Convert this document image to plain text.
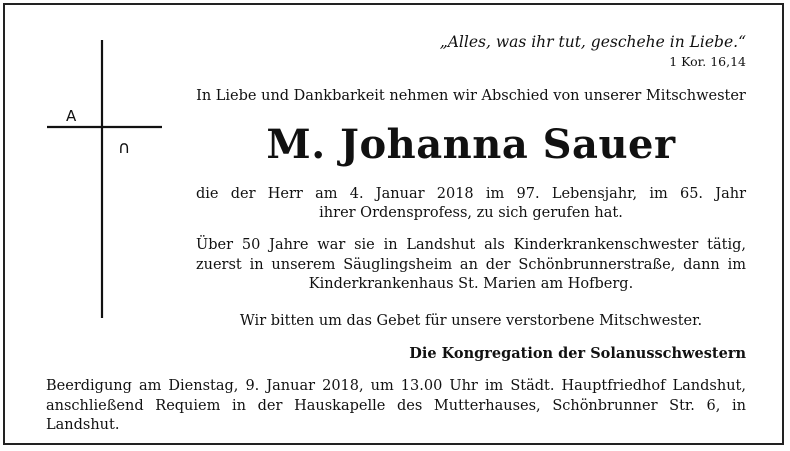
A
∩
„Alles, was ihr tut, geschehe in Liebe.“
1 Kor. 16,14
In Liebe und Dankbarkeit nehmen wir Abschied von unserer Mitschwester
M. Johanna Sauer
die der Herr am 4. Januar 2018 im 97. Lebensjahr, im 65. Jahr
ihrer Ordensprofess, zu sich gerufen hat.
Über 50 Jahre war sie in Landshut als Kinderkrankenschwester tätig,
zuerst in unserem Säuglingsheim an der Schönbrunnerstraße, dann im
Kinderkrankenhaus St. Marien am Hofberg.
Wir bitten um das Gebet für unsere verstorbene Mitschwester.
Die Kongregation der Solanusschwestern
Beerdigung am Dienstag, 9. Januar 2018, um 13.00 Uhr im Städt. Hauptfriedhof Landshut,
anschließend Requiem in der Hauskapelle des Mutterhauses, Schönbrunner Str. 6, in Landshut.
